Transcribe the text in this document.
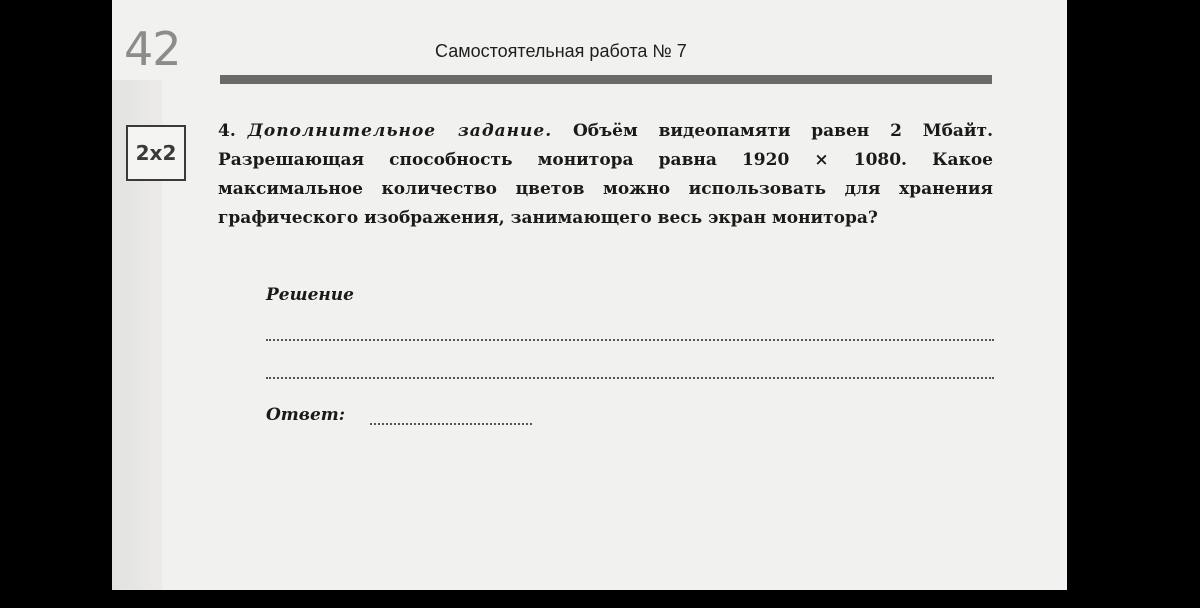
42	Самостоятельная работа № 7
2x2
4. Дополнительное задание. Объём видеопамяти равен 2 Мбайт. Разрешающая способность монитора равна 1920 × 1080. Какое максимальное количество цветов можно использовать для хранения графического изображения, занимающего весь экран монитора?
Решение
Ответ:
